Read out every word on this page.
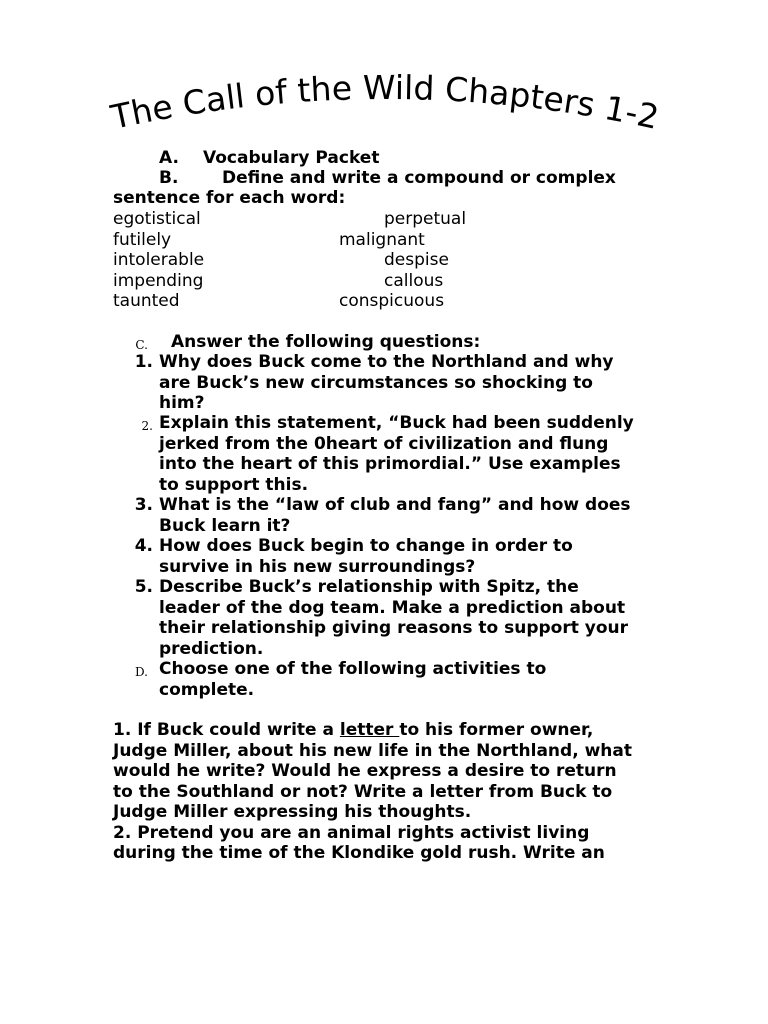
The Call of the Wild Chapters 1-2
A. Vocabulary Packet
B.	Define and write a compound or complex
sentence for each word:
egotistical	perpetual
futilely	malignant
intolerable	despise
impending	callous
taunted	conspicuous
C. Answer the following questions:
1. Why does Buck come to the Northland and why
are Buck’s new circumstances so shocking to
him?
2. Explain this statement, “Buck had been suddenly
jerked from the 0heart of civilization and flung
into the heart of this primordial.” Use examples
to support this.
3. What is the “law of club and fang” and how does
Buck learn it?
4. How does Buck begin to change in order to
survive in his new surroundings?
5. Describe Buck’s relationship with Spitz, the
leader of the dog team. Make a prediction about
their relationship giving reasons to support your
prediction.
D. Choose one of the following activities to
complete.
1. If Buck could write a letter to his former owner,
Judge Miller, about his new life in the Northland, what
would he write? Would he express a desire to return
to the Southland or not? Write a letter from Buck to
Judge Miller expressing his thoughts.
2. Pretend you are an animal rights activist living
during the time of the Klondike gold rush. Write an
